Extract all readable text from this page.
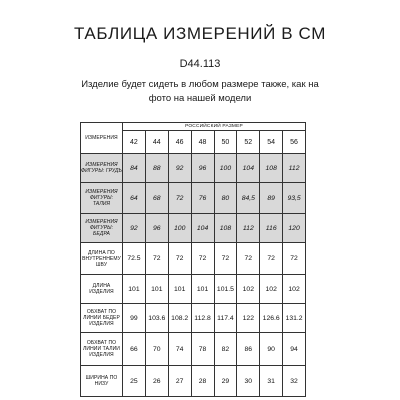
ТАБЛИЦА ИЗМЕРЕНИЙ В СМ
D44.113
Изделие будет сидеть в любом размере также, как на фото на нашей модели
ИЗМЕРЕНИЯ	РОССИЙСКИЙ РАЗМЕР							
	42	44	46	48	50	52	54	56
ИЗМЕРЕНИЯ ФИГУРЫ: ГРУДЬ	84	88	92	96	100	104	108	112
ИЗМЕРЕНИЯ ФИГУРЫ: ТАЛИЯ	64	68	72	76	80	84,5	89	93,5
ИЗМЕРЕНИЯ ФИГУРЫ: БЕДРА	92	96	100	104	108	112	116	120
ДЛИНА ПО ВНУТРЕННЕМУ ШВУ	72.5	72	72	72	72	72	72	72
ДЛИНА ИЗДЕЛИЯ	101	101	101	101	101.5	102	102	102
ОБХВАТ ПО ЛИНИИ БЕДЕР ИЗДЕЛИЯ	99	103.6	108.2	112.8	117.4	122	126.6	131.2
ОБХВАТ ПО ЛИНИИ ТАЛИИ ИЗДЕЛИЯ	66	70	74	78	82	86	90	94
ШИРИНА ПО НИЗУ	25	26	27	28	29	30	31	32
